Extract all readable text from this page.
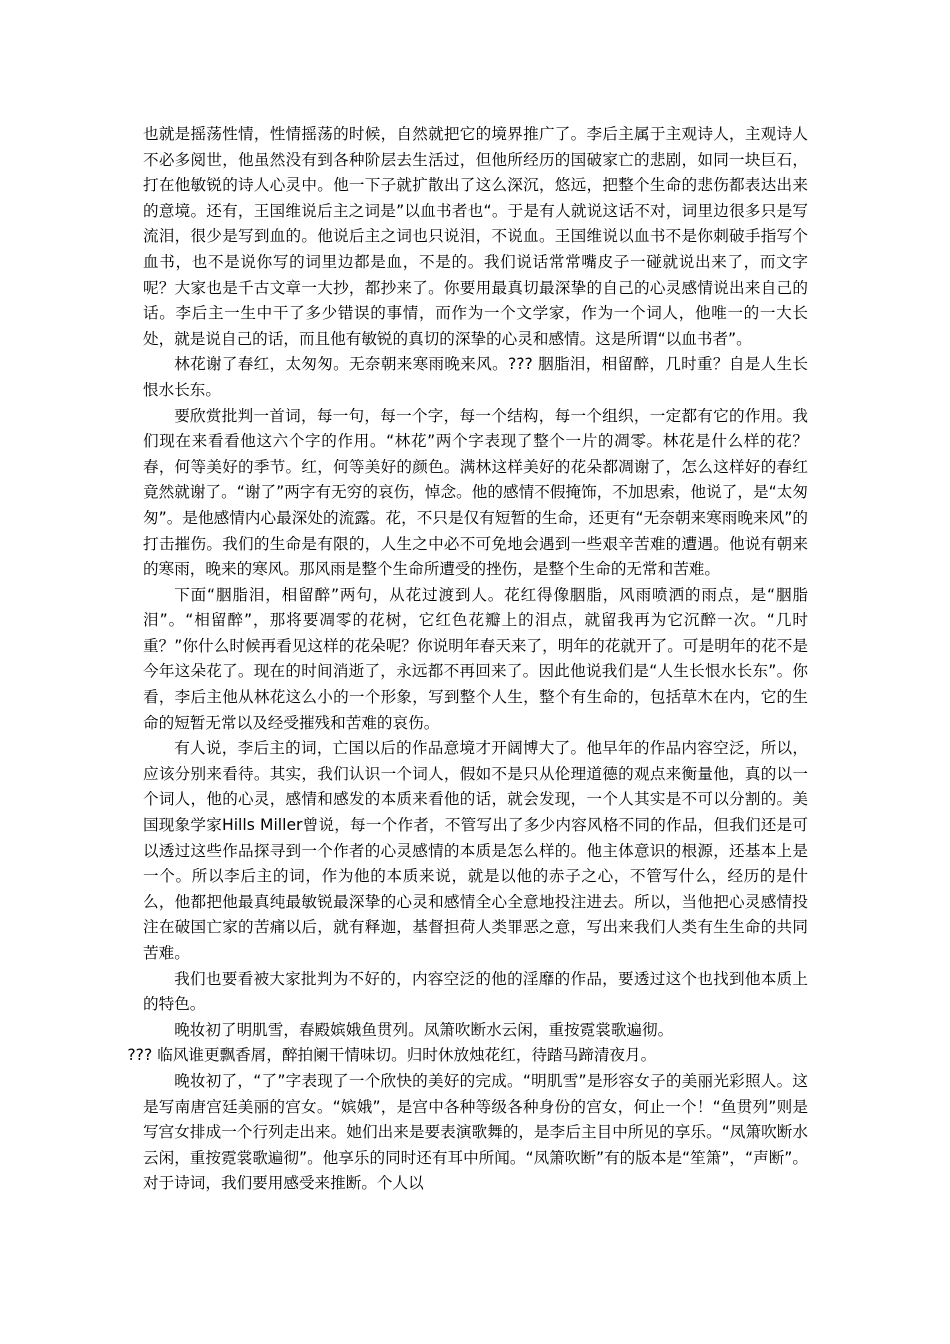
也就是摇荡性情，性情摇荡的时候，自然就把它的境界推广了。李后主属于主观诗人，主观诗人不必多阅世，他虽然没有到各种阶层去生活过，但他所经历的国破家亡的悲剧，如同一块巨石，打在他敏锐的诗人心灵中。他一下子就扩散出了这么深沉，悠远，把整个生命的悲伤都表达出来的意境。还有，王国维说后主之词是”以血书者也“。于是有人就说这话不对，词里边很多只是写流泪，很少是写到血的。他说后主之词也只说泪，不说血。王国维说以血书不是你刺破手指写个血书，也不是说你写的词里边都是血，不是的。我们说话常常嘴皮子一碰就说出来了，而文字呢？大家也是千古文章一大抄，都抄来了。你要用最真切最深挚的自己的心灵感情说出来自己的话。李后主一生中干了多少错误的事情，而作为一个文学家，作为一个词人，他唯一的一大长处，就是说自己的话，而且他有敏锐的真切的深挚的心灵和感情。这是所谓“以血书者”。

林花谢了春红，太匆匆。无奈朝来寒雨晚来风。??? 胭脂泪，相留醉，几时重？自是人生长恨水长东。

要欣赏批判一首词，每一句，每一个字，每一个结构，每一个组织，一定都有它的作用。我们现在来看看他这六个字的作用。“林花”两个字表现了整个一片的凋零。林花是什么样的花？春，何等美好的季节。红，何等美好的颜色。满林这样美好的花朵都凋谢了，怎么这样好的春红竟然就谢了。“谢了”两字有无穷的哀伤，悼念。他的感情不假掩饰，不加思索，他说了，是“太匆匆”。是他感情内心最深处的流露。花，不只是仅有短暂的生命，还更有“无奈朝来寒雨晚来风”的打击摧伤。我们的生命是有限的，人生之中必不可免地会遇到一些艰辛苦难的遭遇。他说有朝来的寒雨，晚来的寒风。那风雨是整个生命所遭受的挫伤，是整个生命的无常和苦难。

下面“胭脂泪，相留醉”两句，从花过渡到人。花红得像胭脂，风雨喷洒的雨点，是“胭脂泪”。“相留醉”，那将要凋零的花树，它红色花瓣上的泪点，就留我再为它沉醉一次。“几时重？”你什么时候再看见这样的花朵呢？你说明年春天来了，明年的花就开了。可是明年的花不是今年这朵花了。现在的时间消逝了，永远都不再回来了。因此他说我们是“人生长恨水长东”。你看，李后主他从林花这么小的一个形象，写到整个人生，整个有生命的，包括草木在内，它的生命的短暂无常以及经受摧残和苦难的哀伤。

有人说，李后主的词，亡国以后的作品意境才开阔博大了。他早年的作品内容空泛，所以，应该分别来看待。其实，我们认识一个词人，假如不是只从伦理道德的观点来衡量他，真的以一个词人，他的心灵，感情和感发的本质来看他的话，就会发现，一个人其实是不可以分割的。美国现象学家Hills Miller曾说，每一个作者，不管写出了多少内容风格不同的作品，但我们还是可以透过这些作品探寻到一个作者的心灵感情的本质是怎么样的。他主体意识的根源，还基本上是一个。所以李后主的词，作为他的本质来说，就是以他的赤子之心，不管写什么，经历的是什么，他都把他最真纯最敏锐最深挚的心灵和感情全心全意地投注进去。所以，当他把心灵感情投注在破国亡家的苦痛以后，就有释迦，基督担荷人类罪恶之意，写出来我们人类有生生命的共同苦难。

我们也要看被大家批判为不好的，内容空泛的他的淫靡的作品，要透过这个也找到他本质上的特色。

晚妆初了明肌雪，春殿嫔娥鱼贯列。凤箫吹断水云闲，重按霓裳歌遍彻。

??? 临风谁更飘香屑，醉拍阑干情味切。归时休放烛花红，待踏马蹄清夜月。

晚妆初了，“了”字表现了一个欣快的美好的完成。“明肌雪”是形容女子的美丽光彩照人。这是写南唐宫廷美丽的宫女。“嫔娥”，是宫中各种等级各种身份的宫女，何止一个！“鱼贯列”则是写宫女排成一个行列走出来。她们出来是要表演歌舞的，是李后主目中所见的享乐。“凤箫吹断水云闲，重按霓裳歌遍彻”。他享乐的同时还有耳中所闻。“凤箫吹断”有的版本是“笙箫”，“声断”。对于诗词，我们要用感受来推断。个人以
